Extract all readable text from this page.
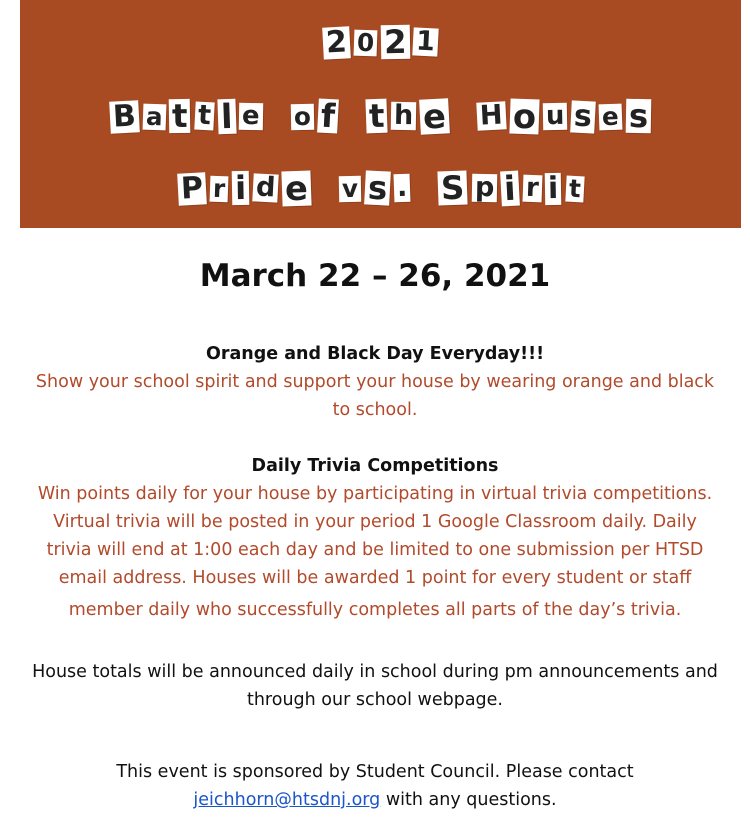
2 0 2 1
B a t t l e o f t h e H o u s e s
P r i d e v s . S p i r i t
March 22 – 26, 2021
Orange and Black Day Everyday!!!
Show your school spirit and support your house by wearing orange and black
to school.
Daily Trivia Competitions
Win points daily for your house by participating in virtual trivia competitions.
Virtual trivia will be posted in your period 1 Google Classroom daily. Daily
trivia will end at 1:00 each day and be limited to one submission per HTSD
email address. Houses will be awarded 1 point for every student or staff
member daily who successfully completes all parts of the day’s trivia.
House totals will be announced daily in school during pm announcements and
through our school webpage.
This event is sponsored by Student Council. Please contact
jeichhorn@htsdnj.org with any questions.
